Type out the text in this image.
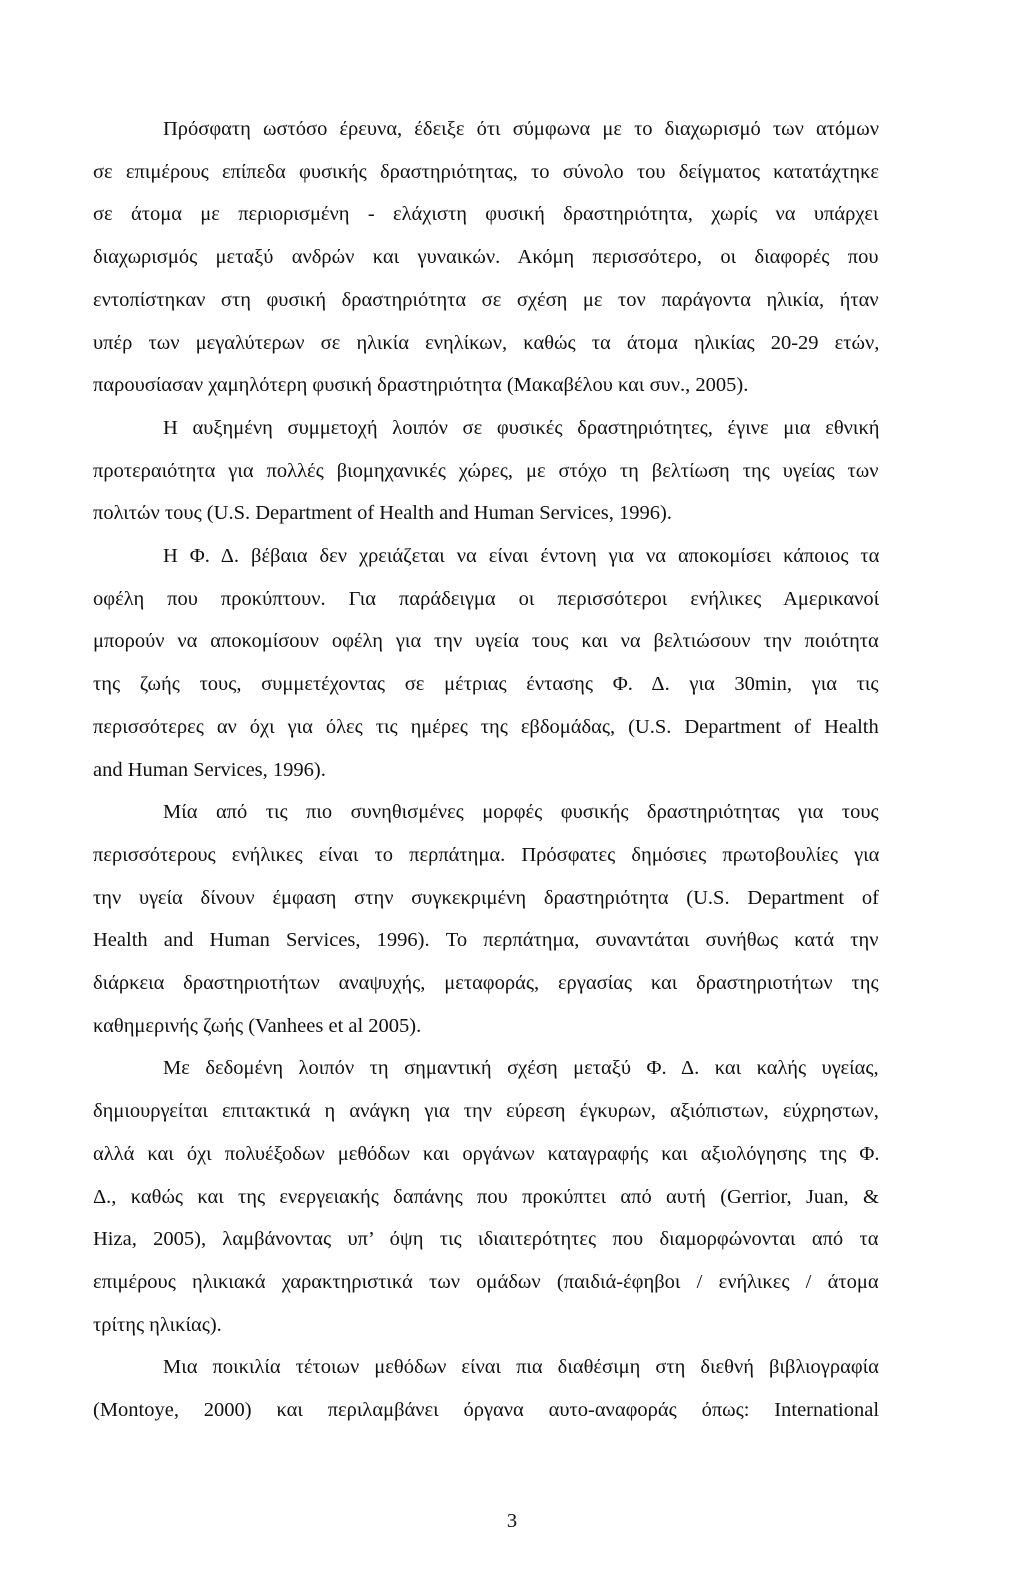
Πρόσφατη ωστόσο έρευνα, έδειξε ότι σύμφωνα με το διαχωρισμό των ατόμων
σε επιμέρους επίπεδα φυσικής δραστηριότητας, το σύνολο του δείγματος κατατάχτηκε
σε άτομα με περιορισμένη - ελάχιστη φυσική δραστηριότητα, χωρίς να υπάρχει
διαχωρισμός μεταξύ ανδρών και γυναικών. Ακόμη περισσότερο, οι διαφορές που
εντοπίστηκαν στη φυσική δραστηριότητα σε σχέση με τον παράγοντα ηλικία, ήταν
υπέρ των μεγαλύτερων σε ηλικία ενηλίκων, καθώς τα άτομα ηλικίας 20-29 ετών,
παρουσίασαν χαμηλότερη φυσική δραστηριότητα (Μακαβέλου και συν., 2005).
Η αυξημένη συμμετοχή λοιπόν σε φυσικές δραστηριότητες, έγινε μια εθνική
προτεραιότητα για πολλές βιομηχανικές χώρες, με στόχο τη βελτίωση της υγείας των
πολιτών τους (U.S. Department of Health and Human Services, 1996).
Η Φ. Δ. βέβαια δεν χρειάζεται να είναι έντονη για να αποκομίσει κάποιος τα
οφέλη που προκύπτουν. Για παράδειγμα οι περισσότεροι ενήλικες Αμερικανοί
μπορούν να αποκομίσουν οφέλη για την υγεία τους και να βελτιώσουν την ποιότητα
της ζωής τους, συμμετέχοντας σε μέτριας έντασης Φ. Δ. για 30min, για τις
περισσότερες αν όχι για όλες τις ημέρες της εβδομάδας, (U.S. Department of Health
and Human Services, 1996).
Μία από τις πιο συνηθισμένες μορφές φυσικής δραστηριότητας για τους
περισσότερους ενήλικες είναι το περπάτημα. Πρόσφατες δημόσιες πρωτοβουλίες για
την υγεία δίνουν έμφαση στην συγκεκριμένη δραστηριότητα (U.S. Department of
Health and Human Services, 1996). Το περπάτημα, συναντάται συνήθως κατά την
διάρκεια δραστηριοτήτων αναψυχής, μεταφοράς, εργασίας και δραστηριοτήτων της
καθημερινής ζωής (Vanhees et al 2005).
Με δεδομένη λοιπόν τη σημαντική σχέση μεταξύ Φ. Δ. και καλής υγείας,
δημιουργείται επιτακτικά η ανάγκη για την εύρεση έγκυρων, αξιόπιστων, εύχρηστων,
αλλά και όχι πολυέξοδων μεθόδων και οργάνων καταγραφής και αξιολόγησης της Φ.
Δ., καθώς και της ενεργειακής δαπάνης που προκύπτει από αυτή (Gerrior, Juan, &
Hiza, 2005), λαμβάνοντας υπ’ όψη τις ιδιαιτερότητες που διαμορφώνονται από τα
επιμέρους ηλικιακά χαρακτηριστικά των ομάδων (παιδιά-έφηβοι / ενήλικες / άτομα
τρίτης ηλικίας).
Μια ποικιλία τέτοιων μεθόδων είναι πια διαθέσιμη στη διεθνή βιβλιογραφία
(Montoye, 2000) και περιλαμβάνει όργανα αυτο-αναφοράς όπως: International
3
